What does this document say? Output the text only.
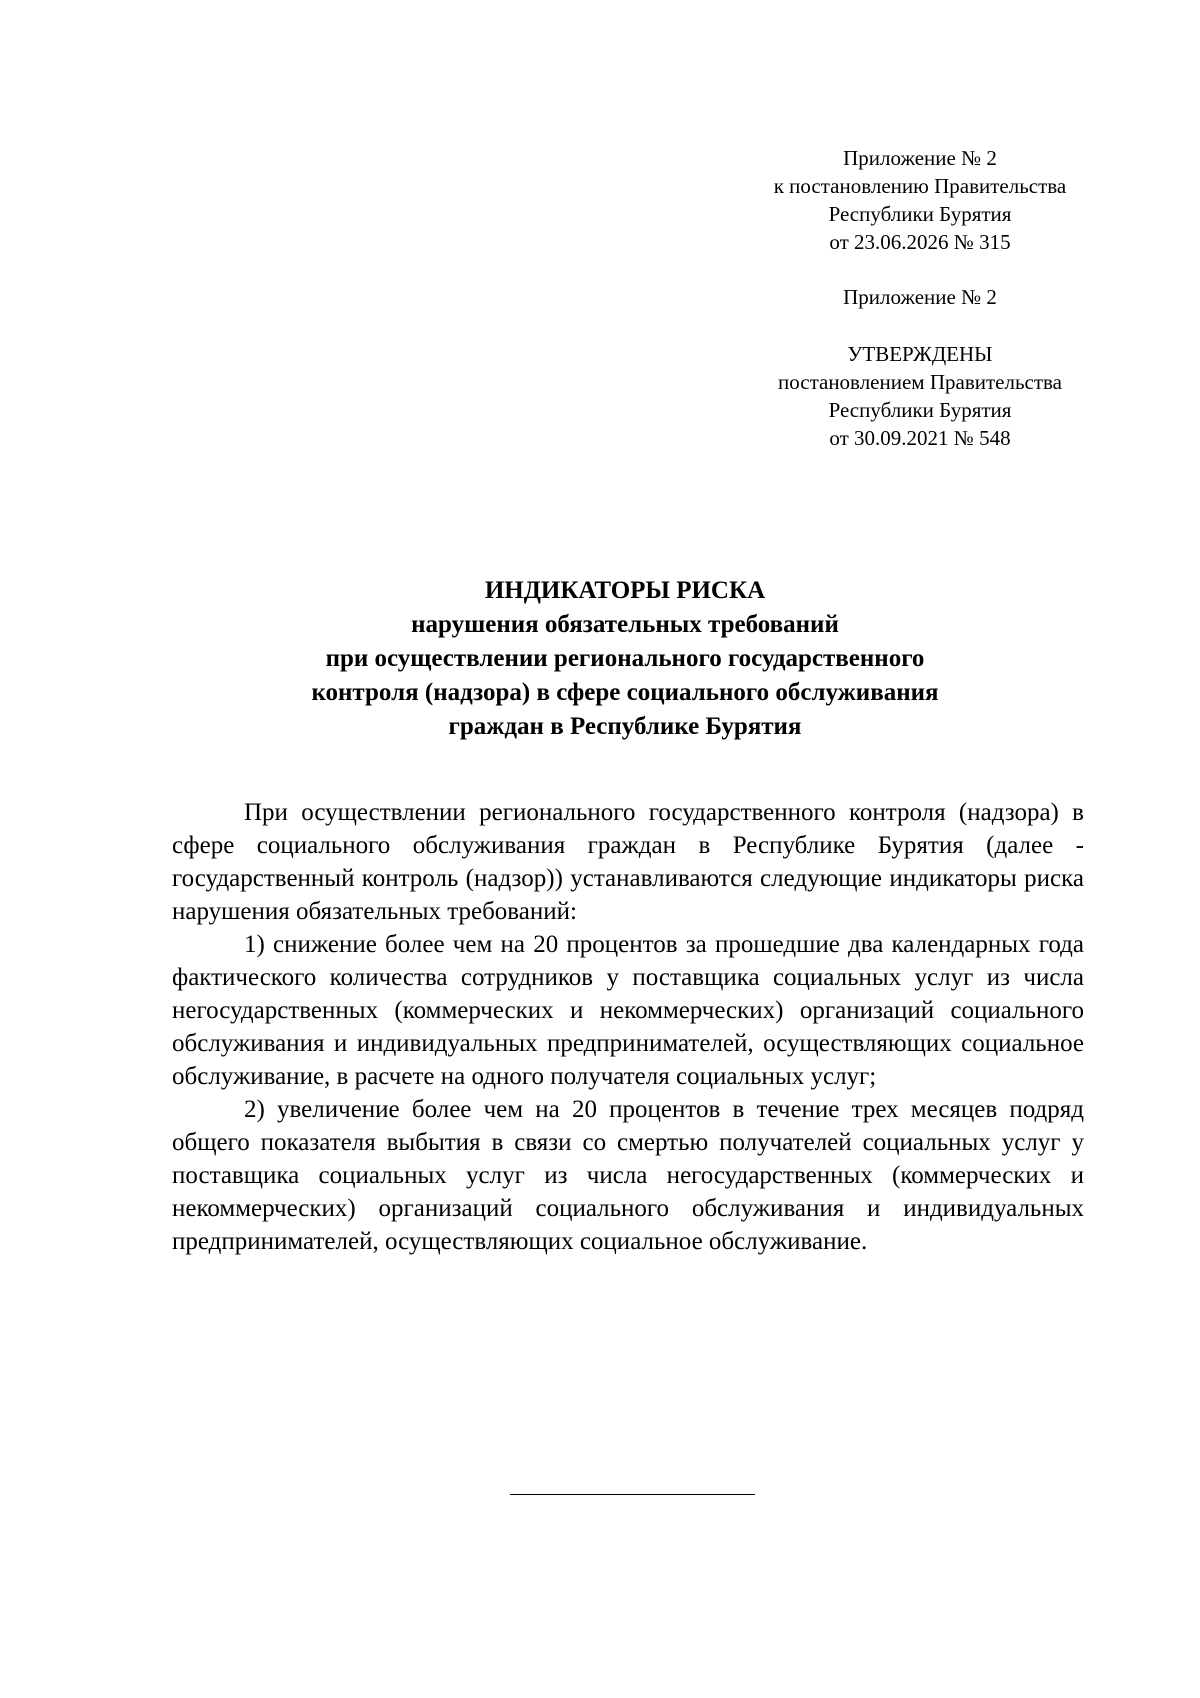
Приложение № 2
к постановлению Правительства
Республики Бурятия
от 23.06.2026 № 315
Приложение № 2
УТВЕРЖДЕНЫ
постановлением Правительства
Республики Бурятия
от 30.09.2021 № 548
ИНДИКАТОРЫ РИСКА
нарушения обязательных требований
при осуществлении регионального государственного
контроля (надзора) в сфере социального обслуживания
граждан в Республике Бурятия

При осуществлении регионального государственного контроля (надзора) в сфере социального обслуживания граждан в Республике Бурятия (далее - государственный контроль (надзор)) устанавливаются следующие индикаторы риска нарушения обязательных требований:

1) снижение более чем на 20 процентов за прошедшие два календарных года фактического количества сотрудников у поставщика социальных услуг из числа негосударственных (коммерческих и некоммерческих) организаций социального обслуживания и индивидуальных предпринимателей, осуществляющих социальное обслуживание, в расчете на одного получателя социальных услуг;

2) увеличение более чем на 20 процентов в течение трех месяцев подряд общего показателя выбытия в связи со смертью получателей социальных услуг у поставщика социальных услуг из числа негосударственных (коммерческих и некоммерческих) организаций социального обслуживания и индивидуальных предпринимателей, осуществляющих социальное обслуживание.
